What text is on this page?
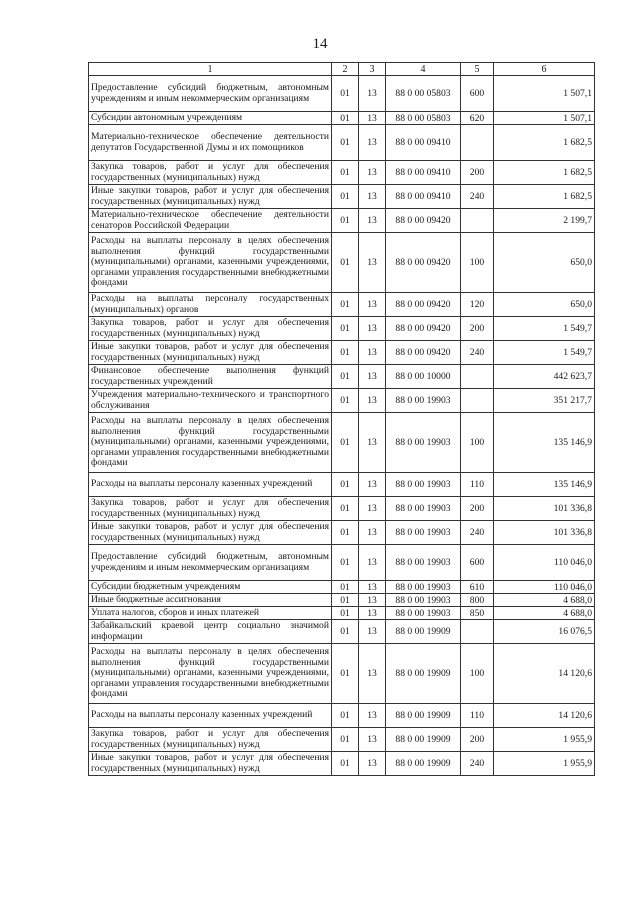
14
1	2	3	4	5	6
Предоставление субсидий бюджетным, автономным учреждениям и иным некоммерческим организациям	01	13	88 0 00 05803	600	1 507,1
Субсидии автономным учреждениям	01	13	88 0 00 05803	620	1 507,1
Материально-техническое обеспечение деятельности депутатов Государственной Думы и их помощников	01	13	88 0 00 09410		1 682,5
Закупка товаров, работ и услуг для обеспечения государственных (муниципальных) нужд	01	13	88 0 00 09410	200	1 682,5
Иные закупки товаров, работ и услуг для обеспечения государственных (муниципальных) нужд	01	13	88 0 00 09410	240	1 682,5
Материально-техническое обеспечение деятельности сенаторов Российской Федерации	01	13	88 0 00 09420		2 199,7
Расходы на выплаты персоналу в целях обеспечения выполнения функций государственными (муниципальными) органами, казенными учреждениями, органами управления государственными внебюджетными фондами	01	13	88 0 00 09420	100	650,0
Расходы на выплаты персоналу государственных (муниципальных) органов	01	13	88 0 00 09420	120	650,0
Закупка товаров, работ и услуг для обеспечения государственных (муниципальных) нужд	01	13	88 0 00 09420	200	1 549,7
Иные закупки товаров, работ и услуг для обеспечения государственных (муниципальных) нужд	01	13	88 0 00 09420	240	1 549,7
Финансовое обеспечение выполнения функций государственных учреждений	01	13	88 0 00 10000		442 623,7
Учреждения материально-технического и транспортного обслуживания	01	13	88 0 00 19903		351 217,7
Расходы на выплаты персоналу в целях обеспечения выполнения функций государственными (муниципальными) органами, казенными учреждениями, органами управления государственными внебюджетными фондами	01	13	88 0 00 19903	100	135 146,9
Расходы на выплаты персоналу казенных учреждений	01	13	88 0 00 19903	110	135 146,9
Закупка товаров, работ и услуг для обеспечения государственных (муниципальных) нужд	01	13	88 0 00 19903	200	101 336,8
Иные закупки товаров, работ и услуг для обеспечения государственных (муниципальных) нужд	01	13	88 0 00 19903	240	101 336,8
Предоставление субсидий бюджетным, автономным учреждениям и иным некоммерческим организациям	01	13	88 0 00 19903	600	110 046,0
Субсидии бюджетным учреждениям	01	13	88 0 00 19903	610	110 046,0
Иные бюджетные ассигнования	01	13	88 0 00 19903	800	4 688,0
Уплата налогов, сборов и иных платежей	01	13	88 0 00 19903	850	4 688,0
Забайкальский краевой центр социально значимой информации	01	13	88 0 00 19909		16 076,5
Расходы на выплаты персоналу в целях обеспечения выполнения функций государственными (муниципальными) органами, казенными учреждениями, органами управления государственными внебюджетными фондами	01	13	88 0 00 19909	100	14 120,6
Расходы на выплаты персоналу казенных учреждений	01	13	88 0 00 19909	110	14 120,6
Закупка товаров, работ и услуг для обеспечения государственных (муниципальных) нужд	01	13	88 0 00 19909	200	1 955,9
Иные закупки товаров, работ и услуг для обеспечения государственных (муниципальных) нужд	01	13	88 0 00 19909	240	1 955,9
